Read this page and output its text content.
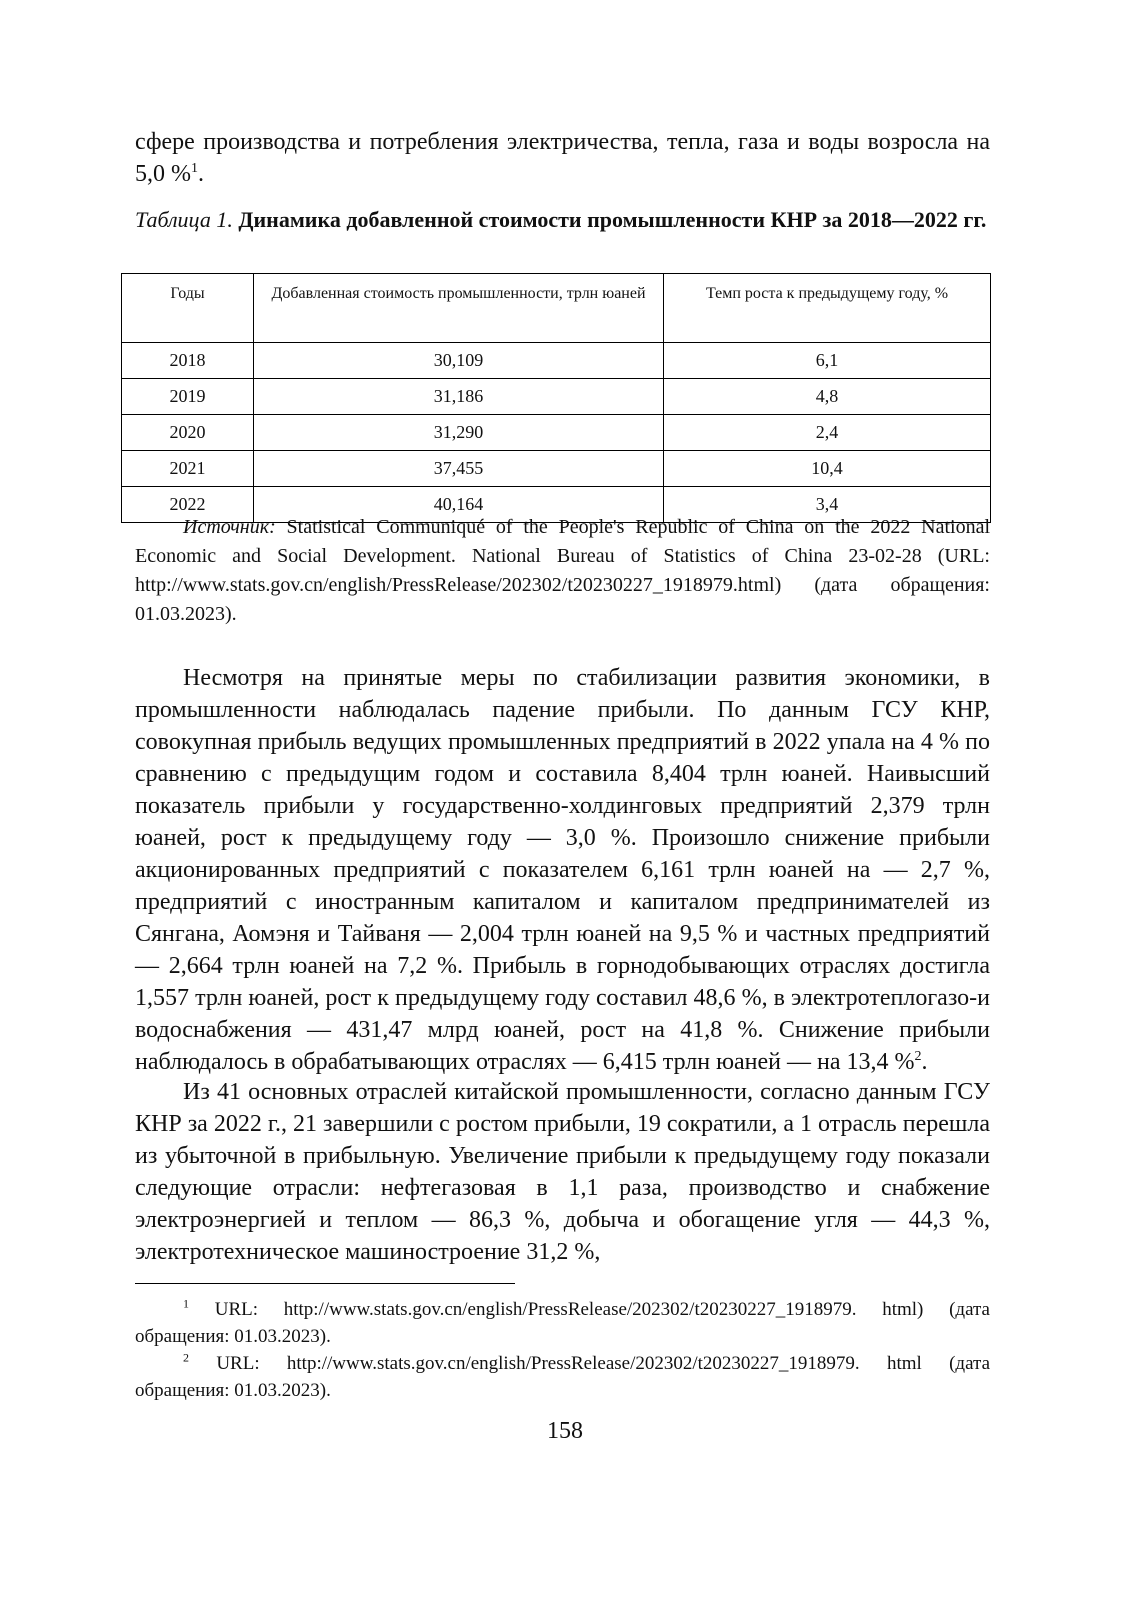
сфере производства и потребления электричества, тепла, газа и воды возросла на 5,0 %$^1$.

Таблица 1. Динамика добавленной стоимости промышленности КНР за 2018—2022 гг.

Годы	Добавленная стоимость промышленности, трлн юаней	Темп роста к предыдущему году, %
2018	30,109	6,1
2019	31,186	4,8
2020	31,290	2,4
2021	37,455	10,4
2022	40,164	3,4

Источник: Statistical Communiqué of the People's Republic of China on the 2022 National Economic and Social Development. National Bureau of Statistics of China 23-02-28 (URL: http://www.stats.gov.cn/english/PressRelease/202302/t20230227_1918979.html) (дата обращения: 01.03.2023).

Несмотря на принятые меры по стабилизации развития экономики, в промышленности наблюдалась падение прибыли. По данным ГСУ КНР, совокупная прибыль ведущих промышленных предприятий в 2022 упала на 4 % по сравнению с предыдущим годом и составила 8,404 трлн юаней. Наивысший показатель прибыли у государственно-холдинговых предприятий 2,379 трлн юаней, рост к предыдущему году — 3,0 %. Произошло снижение прибыли акционированных предприятий с показателем 6,161 трлн юаней на — 2,7 %, предприятий с иностранным капиталом и капиталом предпринимателей из Сянгана, Аомэня и Тайваня — 2,004 трлн юаней на 9,5 % и частных предприятий — 2,664 трлн юаней на 7,2 %. Прибыль в горнодобывающих отраслях достигла 1,557 трлн юаней, рост к предыдущему году составил 48,6 %, в электротеплогазо-и водоснабжения — 431,47 млрд юаней, рост на 41,8 %. Снижение прибыли наблюдалось в обрабатывающих отраслях — 6,415 трлн юаней — на 13,4 %$^2$.

Из 41 основных отраслей китайской промышленности, согласно данным ГСУ КНР за 2022 г., 21 завершили с ростом прибыли, 19 сократили, а 1 отрасль перешла из убыточной в прибыльную. Увеличение прибыли к предыдущему году показали следующие отрасли: нефтегазовая в 1,1 раза, производство и снабжение электроэнергией и теплом — 86,3 %, добыча и обогащение угля — 44,3 %, электротехническое машиностроение 31,2 %,

$^1$ URL: http://www.stats.gov.cn/english/PressRelease/202302/t20230227_1918979. html) (дата обращения: 01.03.2023).

$^2$ URL: http://www.stats.gov.cn/english/PressRelease/202302/t20230227_1918979. html (дата обращения: 01.03.2023).

158
